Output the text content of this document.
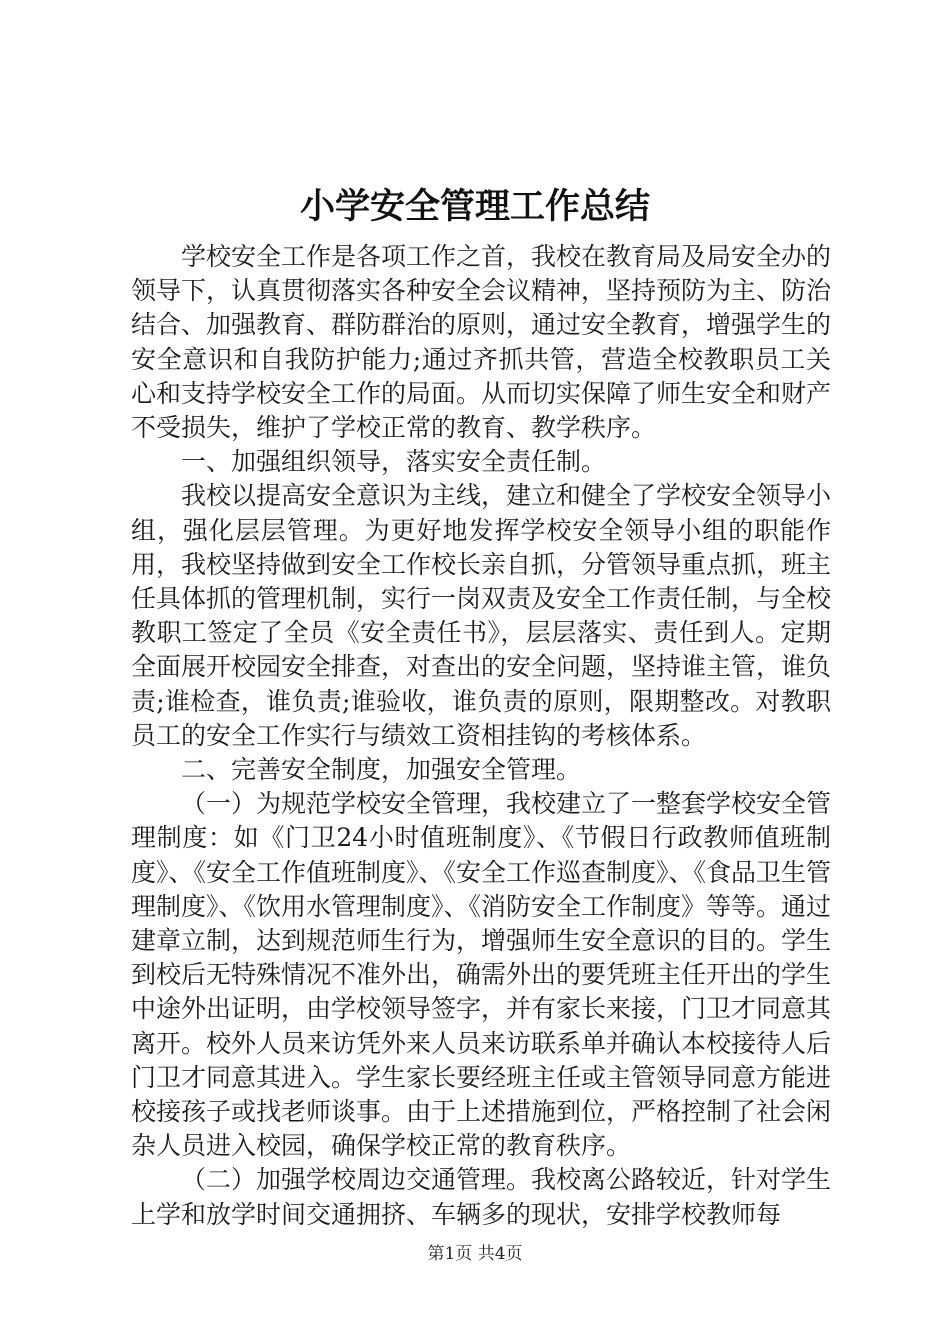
小学安全管理工作总结

学校安全工作是各项工作之首，我校在教育局及局安全办的领导下，认真贯彻落实各种安全会议精神，坚持预防为主、防治结合、加强教育、群防群治的原则，通过安全教育，增强学生的安全意识和自我防护能力;通过齐抓共管，营造全校教职员工关心和支持学校安全工作的局面。从而切实保障了师生安全和财产不受损失，维护了学校正常的教育、教学秩序。

一、加强组织领导，落实安全责任制。

我校以提高安全意识为主线，建立和健全了学校安全领导小组，强化层层管理。为更好地发挥学校安全领导小组的职能作用，我校坚持做到安全工作校长亲自抓，分管领导重点抓，班主任具体抓的管理机制，实行一岗双责及安全工作责任制，与全校教职工签定了全员《安全责任书》，层层落实、责任到人。定期全面展开校园安全排查，对查出的安全问题，坚持谁主管，谁负责;谁检查，谁负责;谁验收，谁负责的原则，限期整改。对教职员工的安全工作实行与绩效工资相挂钩的考核体系。

二、完善安全制度，加强安全管理。

（一）为规范学校安全管理，我校建立了一整套学校安全管理制度：如《门卫24小时值班制度》、《节假日行政教师值班制度》、《安全工作值班制度》、《安全工作巡查制度》、《食品卫生管理制度》、《饮用水管理制度》、《消防安全工作制度》等等。通过建章立制，达到规范师生行为，增强师生安全意识的目的。学生到校后无特殊情况不准外出，确需外出的要凭班主任开出的学生中途外出证明，由学校领导签字，并有家长来接，门卫才同意其离开。校外人员来访凭外来人员来访联系单并确认本校接待人后门卫才同意其进入。学生家长要经班主任或主管领导同意方能进校接孩子或找老师谈事。由于上述措施到位，严格控制了社会闲杂人员进入校园，确保学校正常的教育秩序。

（二）加强学校周边交通管理。我校离公路较近，针对学生上学和放学时间交通拥挤、车辆多的现状，安排学校教师每

第1页 共4页
